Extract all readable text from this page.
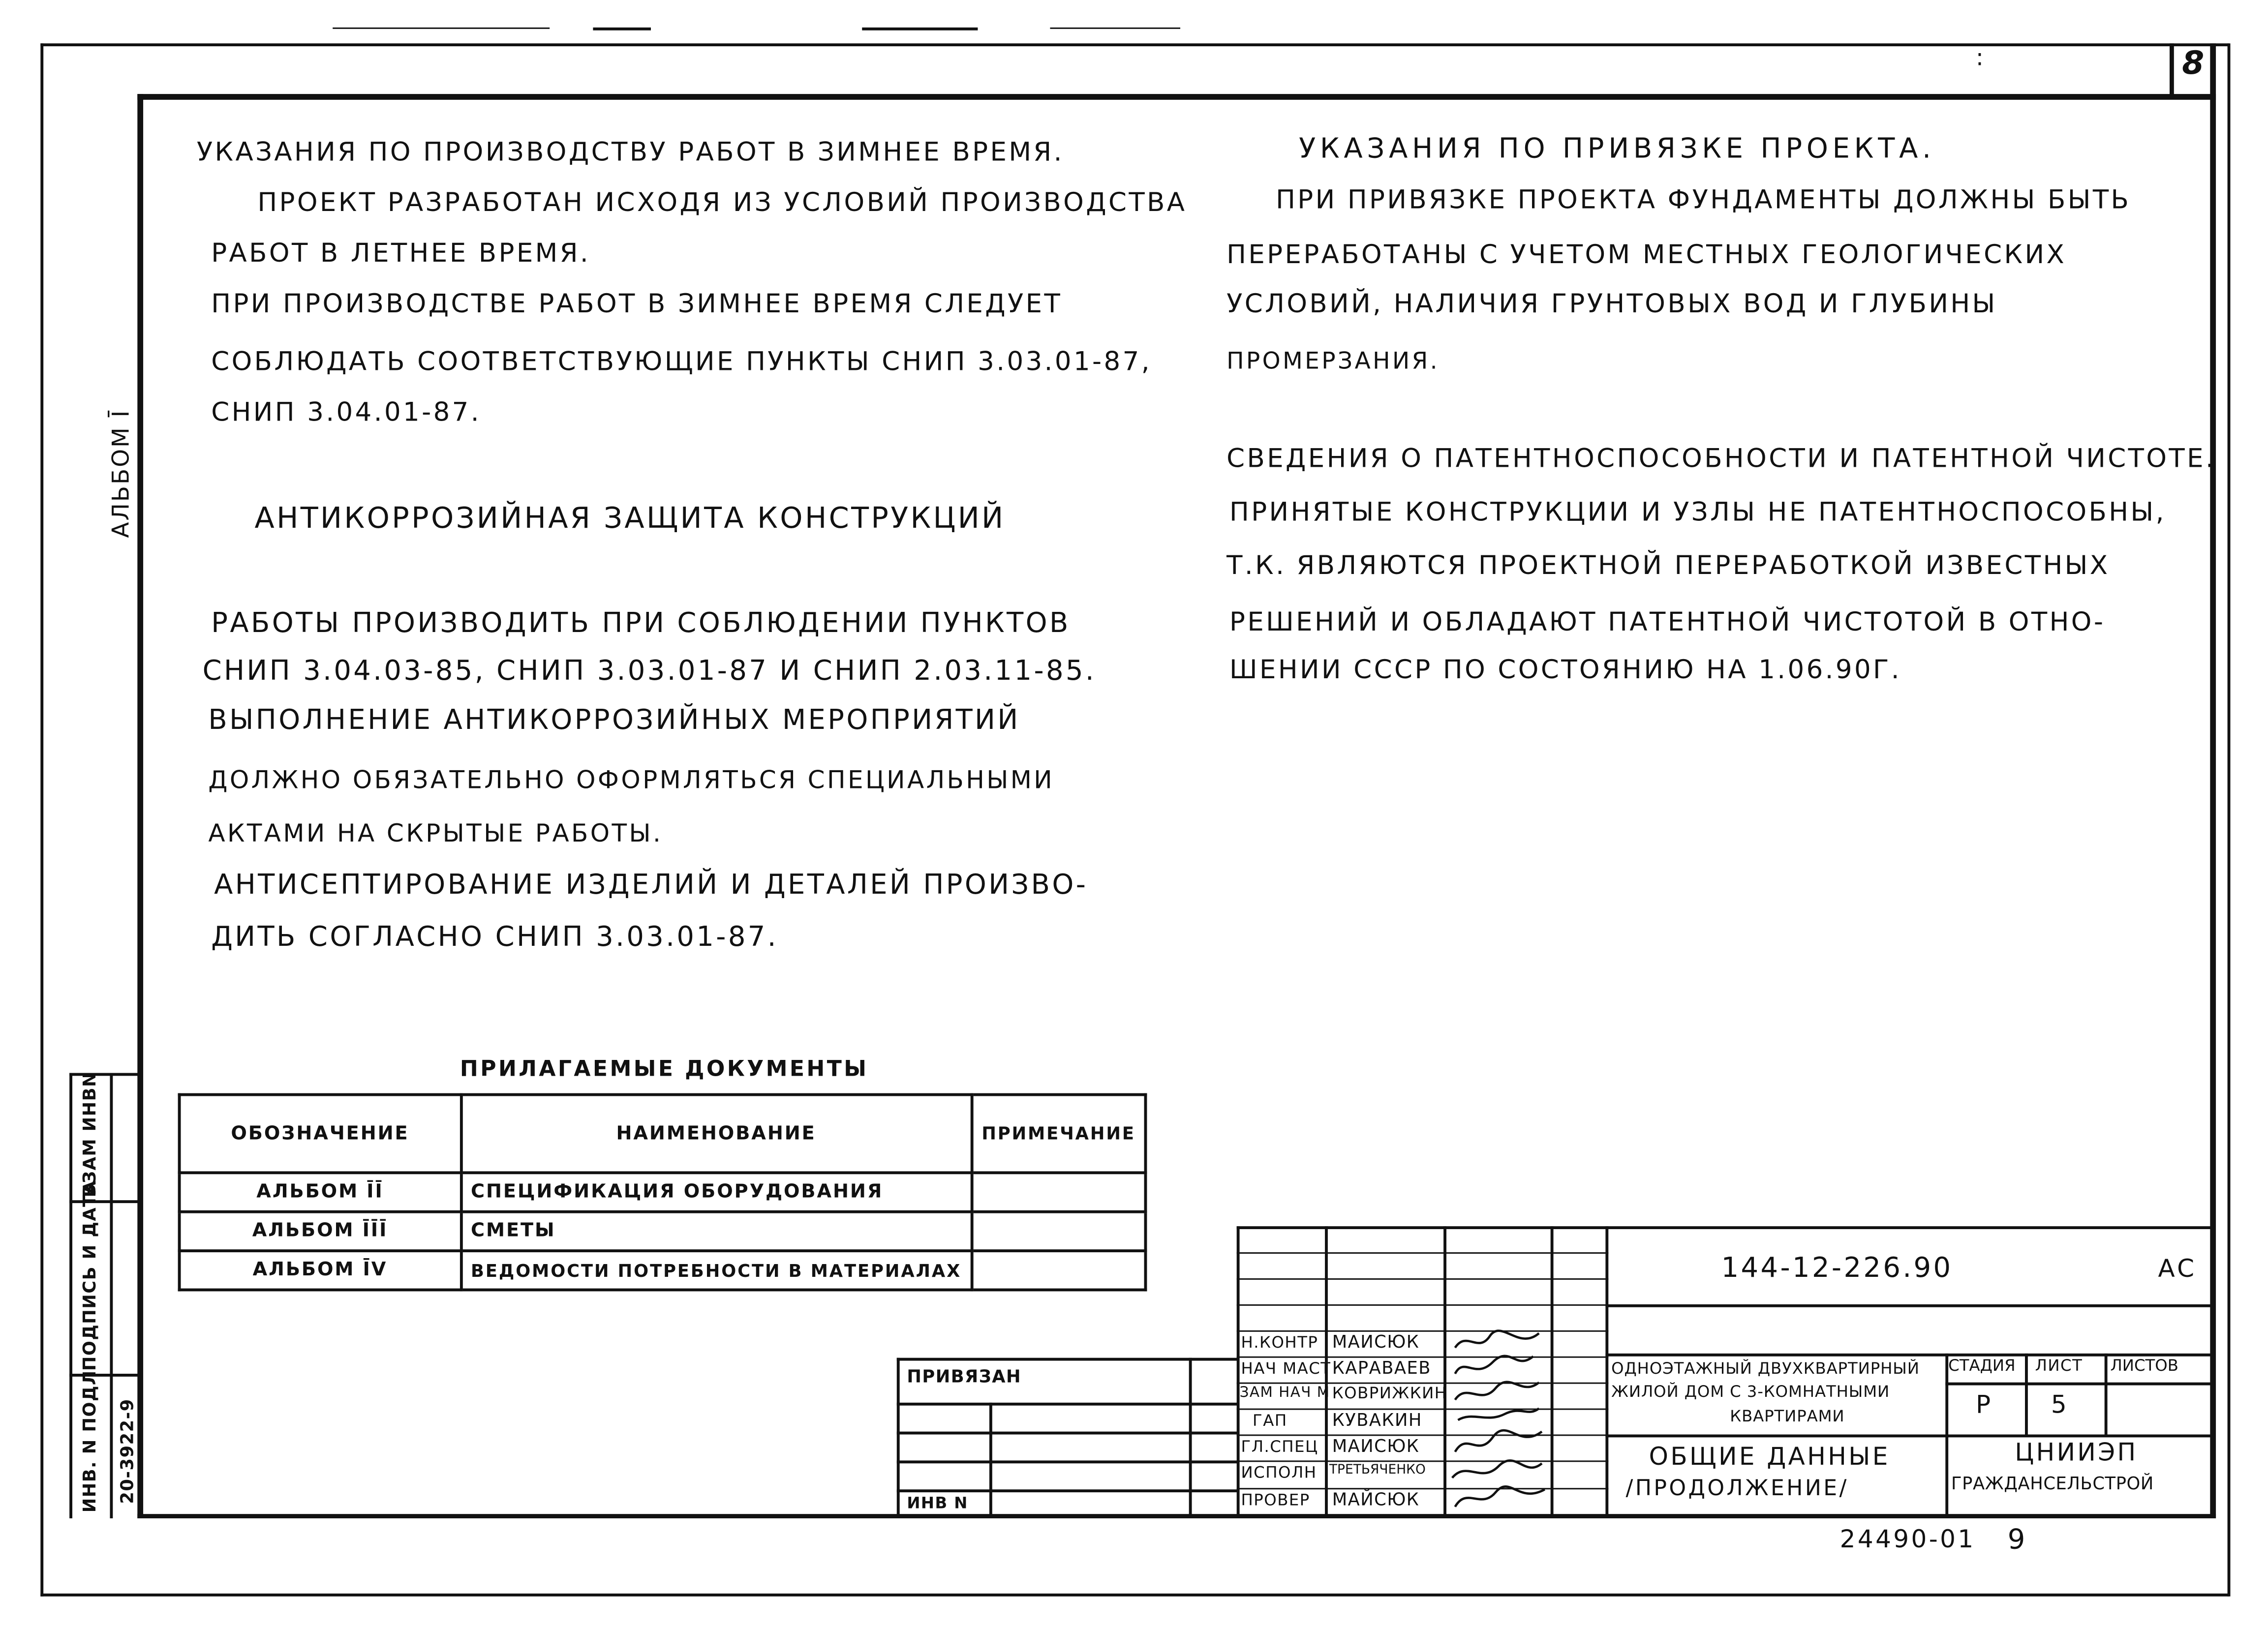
8
:
АЛЬБОМ Ī
ВЗАМ ИНВN
ПОДПИСЬ И ДАТА
ИНВ. N ПОДЛ	20-3922-9
УКАЗАНИЯ ПО ПРОИЗВОДСТВУ РАБОТ В ЗИМНЕЕ ВРЕМЯ.
ПРОЕКТ РАЗРАБОТАН ИСХОДЯ ИЗ УСЛОВИЙ ПРОИЗВОДСТВА
РАБОТ В ЛЕТНЕЕ ВРЕМЯ.
ПРИ ПРОИЗВОДСТВЕ РАБОТ В ЗИМНЕЕ ВРЕМЯ СЛЕДУЕТ
СОБЛЮДАТЬ СООТВЕТСТВУЮЩИЕ ПУНКТЫ СНИП 3.03.01-87,
СНИП 3.04.01-87.
АНТИКОРРОЗИЙНАЯ ЗАЩИТА КОНСТРУКЦИЙ
РАБОТЫ ПРОИЗВОДИТЬ ПРИ СОБЛЮДЕНИИ ПУНКТОВ
СНИП 3.04.03-85, СНИП 3.03.01-87 И СНИП 2.03.11-85.
ВЫПОЛНЕНИЕ АНТИКОРРОЗИЙНЫХ МЕРОПРИЯТИЙ
ДОЛЖНО ОБЯЗАТЕЛЬНО ОФОРМЛЯТЬСЯ СПЕЦИАЛЬНЫМИ
АКТАМИ НА СКРЫТЫЕ РАБОТЫ.
АНТИСЕПТИРОВАНИЕ ИЗДЕЛИЙ И ДЕТАЛЕЙ ПРОИЗВО-
ДИТЬ СОГЛАСНО СНИП 3.03.01-87.
УКАЗАНИЯ ПО ПРИВЯЗКЕ ПРОЕКТА.
ПРИ ПРИВЯЗКЕ ПРОЕКТА ФУНДАМЕНТЫ ДОЛЖНЫ БЫТЬ
ПЕРЕРАБОТАНЫ С УЧЕТОМ МЕСТНЫХ ГЕОЛОГИЧЕСКИХ
УСЛОВИЙ, НАЛИЧИЯ ГРУНТОВЫХ ВОД И ГЛУБИНЫ
ПРОМЕРЗАНИЯ.
СВЕДЕНИЯ О ПАТЕНТНОСПОСОБНОСТИ И ПАТЕНТНОЙ ЧИСТОТЕ.
ПРИНЯТЫЕ КОНСТРУКЦИИ И УЗЛЫ НЕ ПАТЕНТНОСПОСОБНЫ,
Т.К. ЯВЛЯЮТСЯ ПРОЕКТНОЙ ПЕРЕРАБОТКОЙ ИЗВЕСТНЫХ
РЕШЕНИЙ И ОБЛАДАЮТ ПАТЕНТНОЙ ЧИСТОТОЙ В ОТНО-
ШЕНИИ СССР ПО СОСТОЯНИЮ НА 1.06.90Г.
ПРИЛАГАЕМЫЕ ДОКУМЕНТЫ
ОБОЗНАЧЕНИЕ	НАИМЕНОВАНИЕ	ПРИМЕЧАНИЕ
АЛЬБОМ ĪĪ	СПЕЦИФИКАЦИЯ ОБОРУДОВАНИЯ	
АЛЬБОМ ĪĪĪ	СМЕТЫ	
АЛЬБОМ ĪV	ВЕДОМОСТИ ПОТРЕБНОСТИ В МАТЕРИАЛАХ	
ПРИВЯЗАН
ИНВ N
Н.КОНТР МАИСЮК
НАЧ МАСТ КАРАВАЕВ
ЗАМ НАЧ М КОВРИЖКИН
ГАП	КУВАКИН
ГЛ.СПЕЦ МАИСЮК
ИСПОЛН	ТРЕТЬЯЧЕНКО
ПРОВЕР	МАЙСЮК
144-12-226.90	АС
ОДНОЭТАЖНЫЙ ДВУХКВАРТИРНЫЙ
ЖИЛОЙ ДОМ С 3-КОМНАТНЫМИ
КВАРТИРАМИ
СТАДИЯ	ЛИСТ	ЛИСТОВ
Р	5
ОБЩИЕ ДАННЫЕ
/ПРОДОЛЖЕНИЕ/
ЦНИИЭП
ГРАЖДАНСЕЛЬСТРОЙ
24490-01	9
